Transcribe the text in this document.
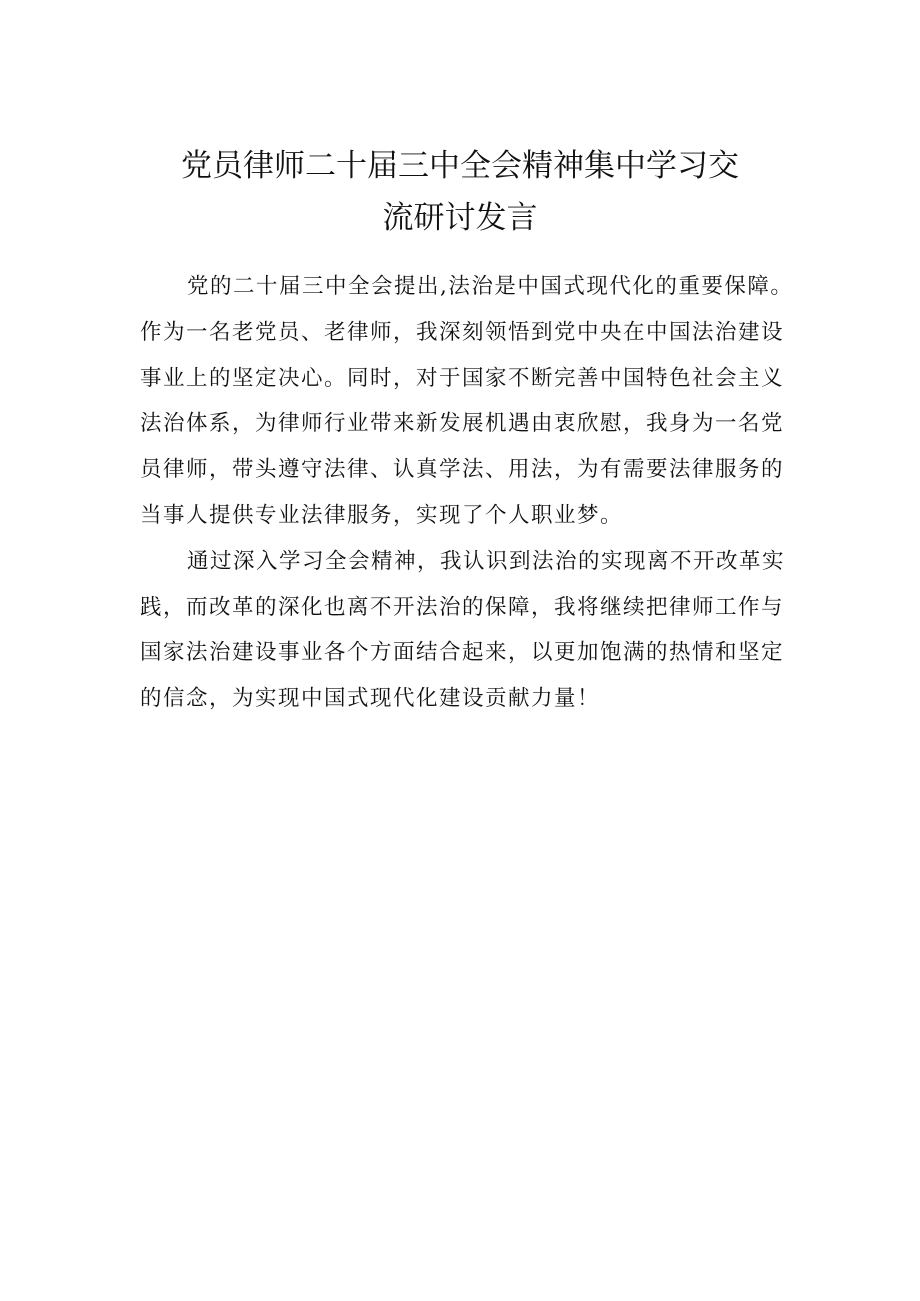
党员律师二十届三中全会精神集中学习交
流研讨发言
党的二十届三中全会提出,法治是中国式现代化的重要保障。
作为一名老党员、老律师，我深刻领悟到党中央在中国法治建设
事业上的坚定决心。同时，对于国家不断完善中国特色社会主义
法治体系，为律师行业带来新发展机遇由衷欣慰，我身为一名党
员律师，带头遵守法律、认真学法、用法，为有需要法律服务的
当事人提供专业法律服务，实现了个人职业梦。
通过深入学习全会精神，我认识到法治的实现离不开改革实
践，而改革的深化也离不开法治的保障，我将继续把律师工作与
国家法治建设事业各个方面结合起来，以更加饱满的热情和坚定
的信念，为实现中国式现代化建设贡献力量！
